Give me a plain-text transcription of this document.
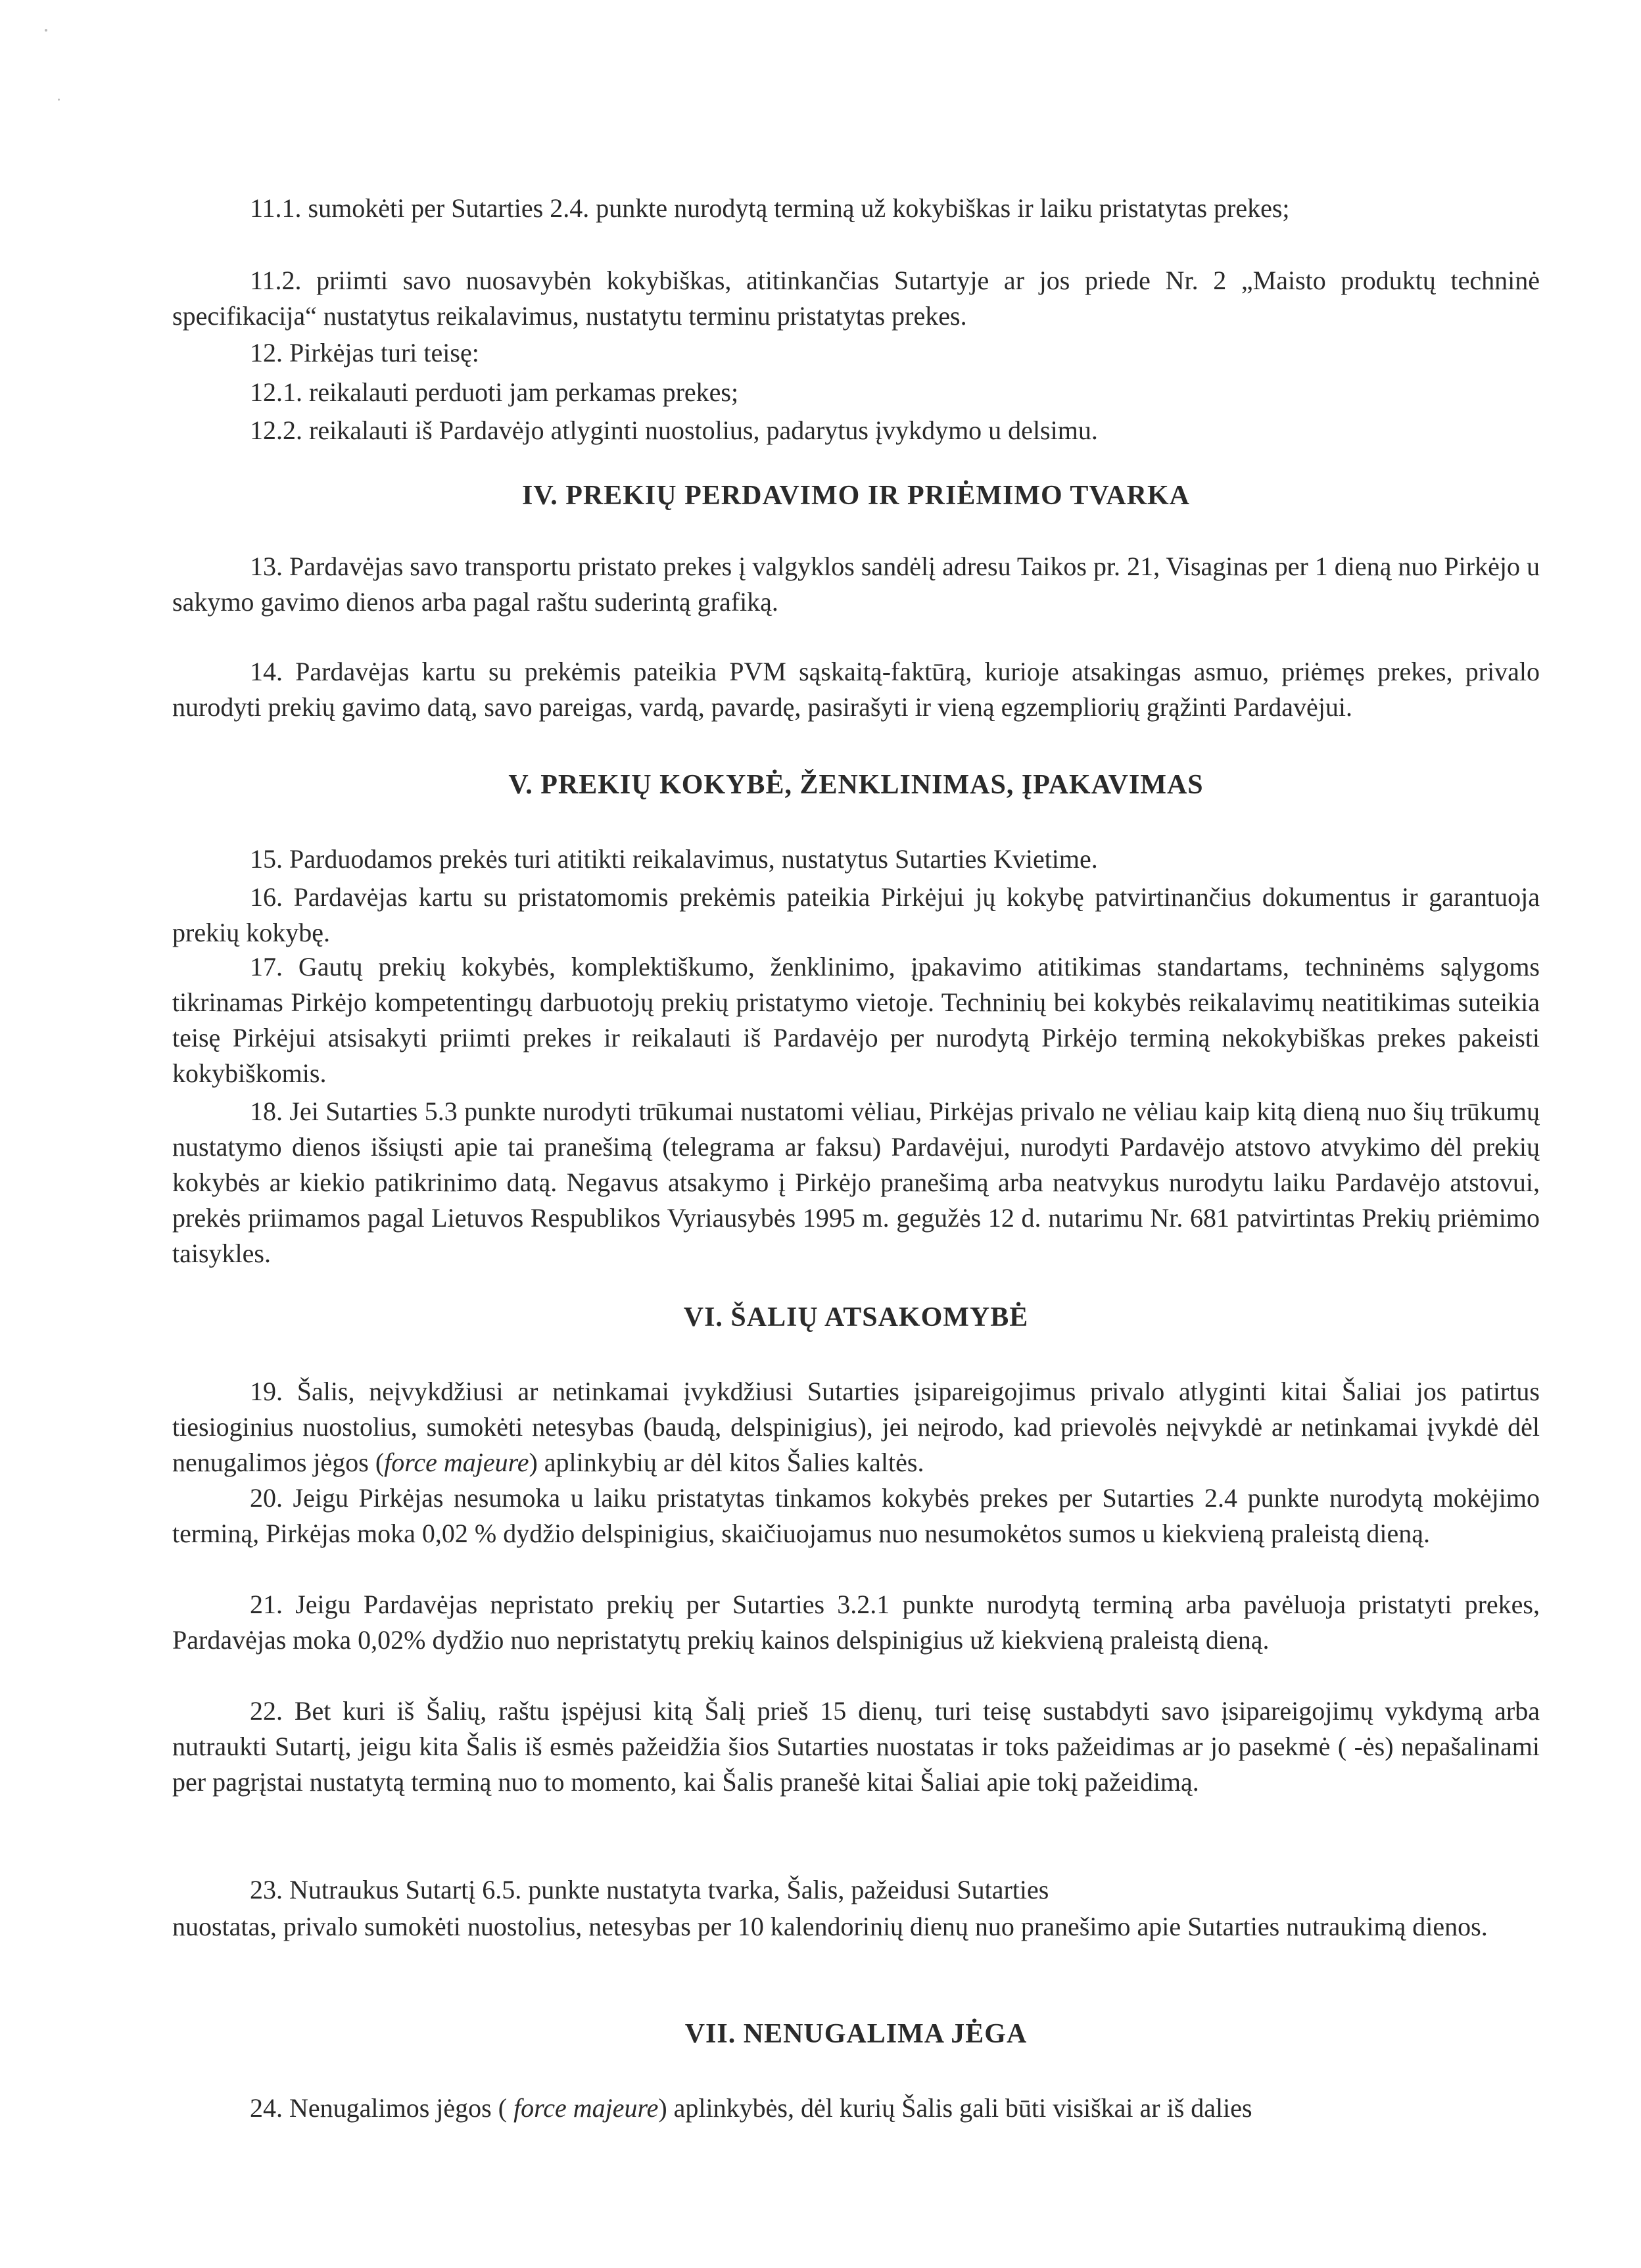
11.1. sumokėti per Sutarties 2.4. punkte nurodytą terminą už kokybiškas ir laiku pristatytas prekes;

11.2. priimti savo nuosavybėn kokybiškas, atitinkančias Sutartyje ar jos priede Nr. 2 „Maisto produktų techninė specifikacija“ nustatytus reikalavimus, nustatytu terminu pristatytas prekes.

12. Pirkėjas turi teisę:

12.1. reikalauti perduoti jam perkamas prekes;

12.2. reikalauti iš Pardavėjo atlyginti nuostolius, padarytus įvykdymo u delsimu.

IV. PREKIŲ PERDAVIMO IR PRIĖMIMO TVARKA

13. Pardavėjas savo transportu pristato prekes į valgyklos sandėlį adresu Taikos pr. 21, Visaginas per 1 dieną nuo Pirkėjo u sakymo gavimo dienos arba pagal raštu suderintą grafiką.

14. Pardavėjas kartu su prekėmis pateikia PVM sąskaitą-faktūrą, kurioje atsakingas asmuo, priėmęs prekes, privalo nurodyti prekių gavimo datą, savo pareigas, vardą, pavardę, pasirašyti ir vieną egzempliorių grąžinti Pardavėjui.

V. PREKIŲ KOKYBĖ, ŽENKLINIMAS, ĮPAKAVIMAS

15. Parduodamos prekės turi atitikti reikalavimus, nustatytus Sutarties Kvietime.

16. Pardavėjas kartu su pristatomomis prekėmis pateikia Pirkėjui jų kokybę patvirtinančius dokumentus ir garantuoja prekių kokybę.

17. Gautų prekių kokybės, komplektiškumo, ženklinimo, įpakavimo atitikimas standartams, techninėms sąlygoms tikrinamas Pirkėjo kompetentingų darbuotojų prekių pristatymo vietoje. Techninių bei kokybės reikalavimų neatitikimas suteikia teisę Pirkėjui atsisakyti priimti prekes ir reikalauti iš Pardavėjo per nurodytą Pirkėjo terminą nekokybiškas prekes pakeisti kokybiškomis.

18. Jei Sutarties 5.3 punkte nurodyti trūkumai nustatomi vėliau, Pirkėjas privalo ne vėliau kaip kitą dieną nuo šių trūkumų nustatymo dienos išsiųsti apie tai pranešimą (telegrama ar faksu) Pardavėjui, nurodyti Pardavėjo atstovo atvykimo dėl prekių kokybės ar kiekio patikrinimo datą. Negavus atsakymo į Pirkėjo pranešimą arba neatvykus nurodytu laiku Pardavėjo atstovui, prekės priimamos pagal Lietuvos Respublikos Vyriausybės 1995 m. gegužės 12 d. nutarimu Nr. 681 patvirtintas Prekių priėmimo taisykles.

VI. ŠALIŲ ATSAKOMYBĖ

19. Šalis, neįvykdžiusi ar netinkamai įvykdžiusi Sutarties įsipareigojimus privalo atlyginti kitai Šaliai jos patirtus tiesioginius nuostolius, sumokėti netesybas (baudą, delspinigius), jei neįrodo, kad prievolės neįvykdė ar netinkamai įvykdė dėl nenugalimos jėgos (force majeure) aplinkybių ar dėl kitos Šalies kaltės.

20. Jeigu Pirkėjas nesumoka u laiku pristatytas tinkamos kokybės prekes per Sutarties 2.4 punkte nurodytą mokėjimo terminą, Pirkėjas moka 0,02 % dydžio delspinigius, skaičiuojamus nuo nesumokėtos sumos u kiekvieną praleistą dieną.

21. Jeigu Pardavėjas nepristato prekių per Sutarties 3.2.1 punkte nurodytą terminą arba pavėluoja pristatyti prekes, Pardavėjas moka 0,02% dydžio nuo nepristatytų prekių kainos delspinigius už kiekvieną praleistą dieną.

22. Bet kuri iš Šalių, raštu įspėjusi kitą Šalį prieš 15 dienų, turi teisę sustabdyti savo įsipareigojimų vykdymą arba nutraukti Sutartį, jeigu kita Šalis iš esmės pažeidžia šios Sutarties nuostatas ir toks pažeidimas ar jo pasekmė ( -ės) nepašalinami per pagrįstai nustatytą terminą nuo to momento, kai Šalis pranešė kitai Šaliai apie tokį pažeidimą.

23. Nutraukus Sutartį 6.5. punkte nustatyta tvarka, Šalis, pažeidusi Sutarties

nuostatas, privalo sumokėti nuostolius, netesybas per 10 kalendorinių dienų nuo pranešimo apie Sutarties nutraukimą dienos.

VII. NENUGALIMA JĖGA

24. Nenugalimos jėgos ( force majeure) aplinkybės, dėl kurių Šalis gali būti visiškai ar iš dalies
